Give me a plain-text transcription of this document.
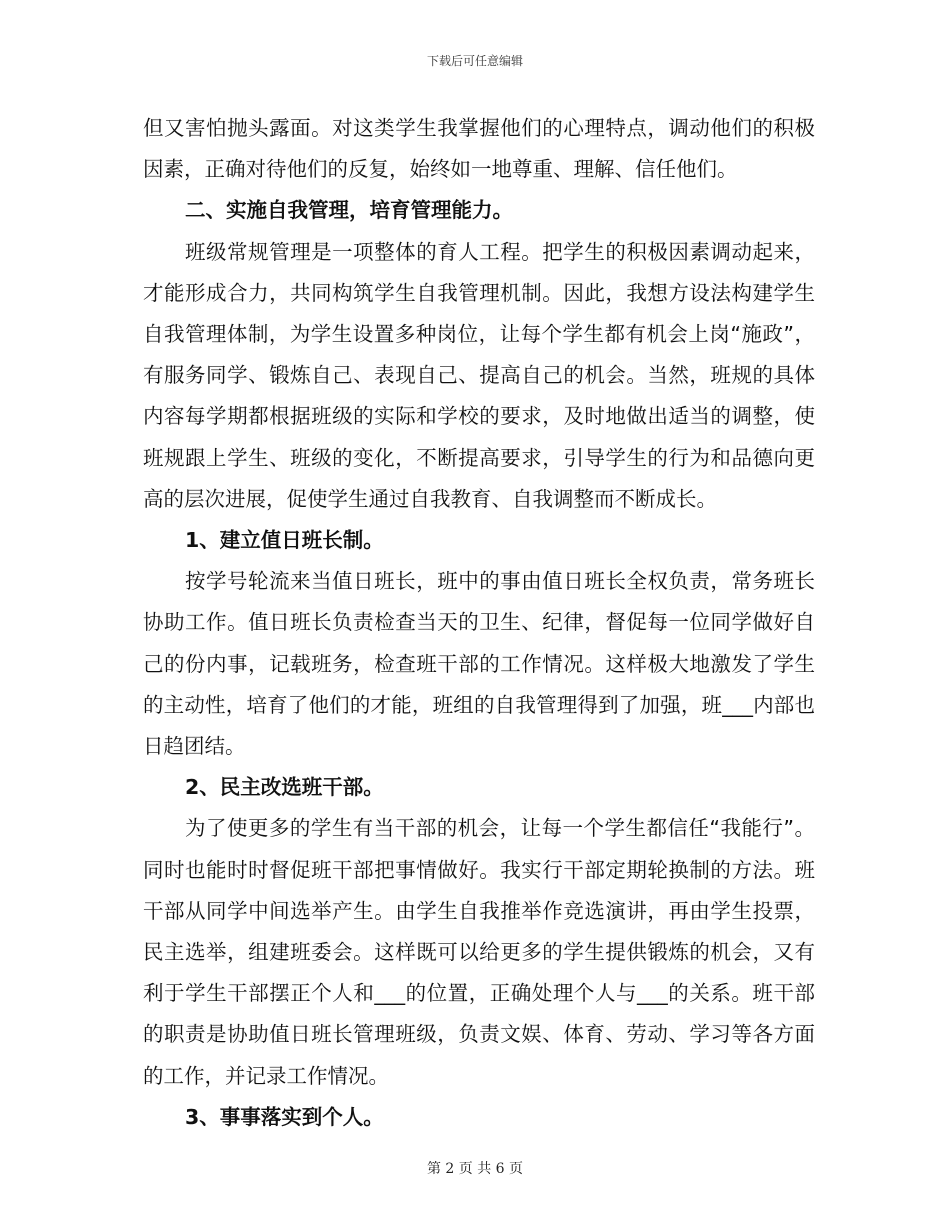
下载后可任意编辑

但又害怕抛头露面。对这类学生我掌握他们的心理特点，调动他们的积极因素，正确对待他们的反复，始终如一地尊重、理解、信任他们。

二、实施自我管理，培育管理能力。

班级常规管理是一项整体的育人工程。把学生的积极因素调动起来，才能形成合力，共同构筑学生自我管理机制。因此，我想方设法构建学生自我管理体制，为学生设置多种岗位，让每个学生都有机会上岗“施政”，有服务同学、锻炼自己、表现自己、提高自己的机会。当然，班规的具体内容每学期都根据班级的实际和学校的要求，及时地做出适当的调整，使班规跟上学生、班级的变化，不断提高要求，引导学生的行为和品德向更高的层次进展，促使学生通过自我教育、自我调整而不断成长。

1、建立值日班长制。

按学号轮流来当值日班长，班中的事由值日班长全权负责，常务班长协助工作。值日班长负责检查当天的卫生、纪律，督促每一位同学做好自己的份内事，记载班务，检查班干部的工作情况。这样极大地激发了学生的主动性，培育了他们的才能，班组的自我管理得到了加强，班___内部也日趋团结。

2、民主改选班干部。

为了使更多的学生有当干部的机会，让每一个学生都信任“我能行”。同时也能时时督促班干部把事情做好。我实行干部定期轮换制的方法。班干部从同学中间选举产生。由学生自我推举作竞选演讲，再由学生投票，民主选举，组建班委会。这样既可以给更多的学生提供锻炼的机会，又有利于学生干部摆正个人和___的位置，正确处理个人与___的关系。班干部的职责是协助值日班长管理班级，负责文娱、体育、劳动、学习等各方面的工作，并记录工作情况。

3、事事落实到个人。

第 2 页 共 6 页
